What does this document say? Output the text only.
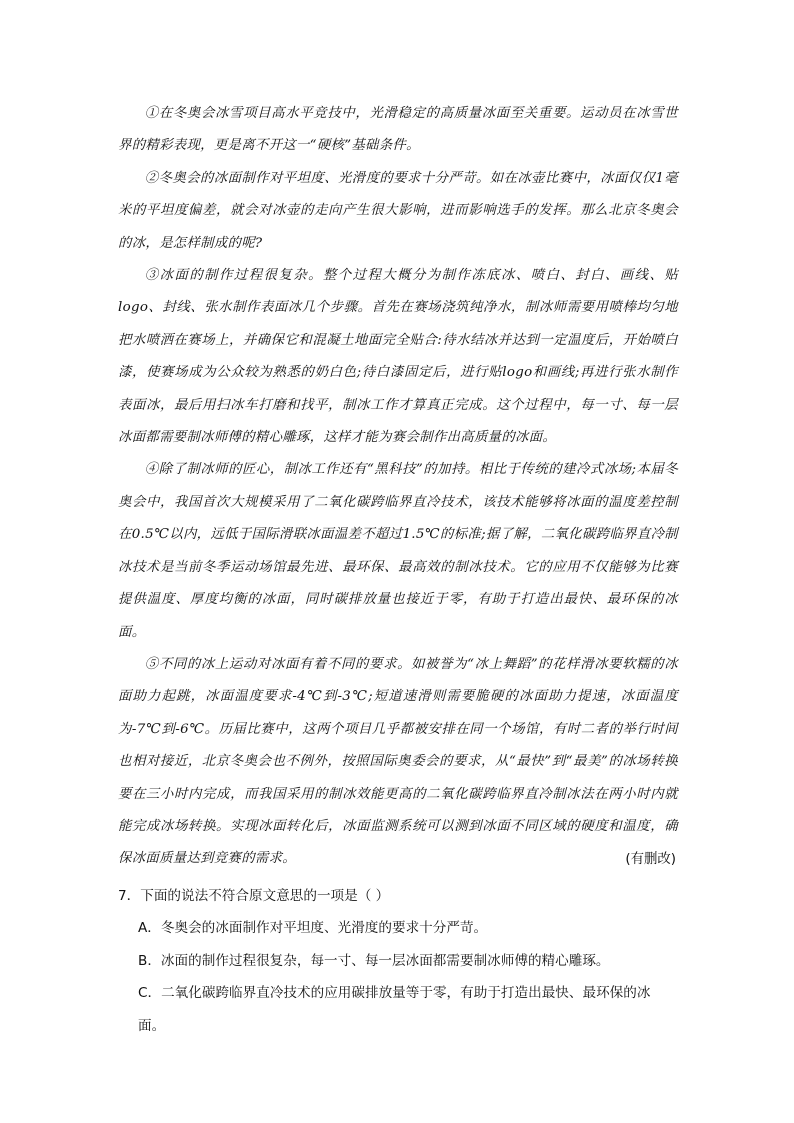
①在冬奥会冰雪项目高水平竞技中，光滑稳定的高质量冰面至关重要。运动员在冰雪世界的精彩表现，更是离不开这一“硬核”基础条件。

②冬奥会的冰面制作对平坦度、光滑度的要求十分严苛。如在冰壶比赛中，冰面仅仅1毫米的平坦度偏差，就会对冰壶的走向产生很大影响，进而影响选手的发挥。那么北京冬奥会的冰，是怎样制成的呢?

③冰面的制作过程很复杂。整个过程大概分为制作冻底冰、喷白、封白、画线、贴logo、封线、张水制作表面冰几个步骤。首先在赛场浇筑纯净水，制冰师需要用喷棒均匀地把水喷洒在赛场上，并确保它和混凝土地面完全贴合:待水结冰并达到一定温度后，开始喷白漆，使赛场成为公众较为熟悉的奶白色;待白漆固定后，进行贴logo和画线;再进行张水制作表面冰，最后用扫冰车打磨和找平，制冰工作才算真正完成。这个过程中，每一寸、每一层冰面都需要制冰师傅的精心雕琢，这样才能为赛会制作出高质量的冰面。

④除了制冰师的匠心，制冰工作还有“黑科技”的加持。相比于传统的建冷式冰场;本届冬奥会中，我国首次大规模采用了二氧化碳跨临界直冷技术，该技术能够将冰面的温度差控制在0.5℃以内，远低于国际滑联冰面温差不超过1.5℃的标准;据了解，二氧化碳跨临界直冷制冰技术是当前冬季运动场馆最先进、最环保、最高效的制冰技术。它的应用不仅能够为比赛提供温度、厚度均衡的冰面，同时碳排放量也接近于零，有助于打造出最快、最环保的冰面。

⑤不同的冰上运动对冰面有着不同的要求。如被誉为“冰上舞蹈”的花样滑冰要软糯的冰面助力起跳，冰面温度要求-4℃到-3℃;短道速滑则需要脆硬的冰面助力提速，冰面温度为-7℃到-6℃。历届比赛中，这两个项目几乎都被安排在同一个场馆，有时二者的举行时间也相对接近，北京冬奥会也不例外，按照国际奥委会的要求，从“最快”到“最美”的冰场转换要在三小时内完成，而我国采用的制冰效能更高的二氧化碳跨临界直冷制冰法在两小时内就能完成冰场转换。实现冰面转化后，冰面监测系统可以测到冰面不同区域的硬度和温度，确保冰面质量达到竞赛的需求。	(有删改)

7．下面的说法不符合原文意思的一项是（ ）

A．冬奥会的冰面制作对平坦度、光滑度的要求十分严苛。

B．冰面的制作过程很复杂，每一寸、每一层冰面都需要制冰师傅的精心雕琢。

C．二氧化碳跨临界直冷技术的应用碳排放量等于零，有助于打造出最快、最环保的冰

面。
